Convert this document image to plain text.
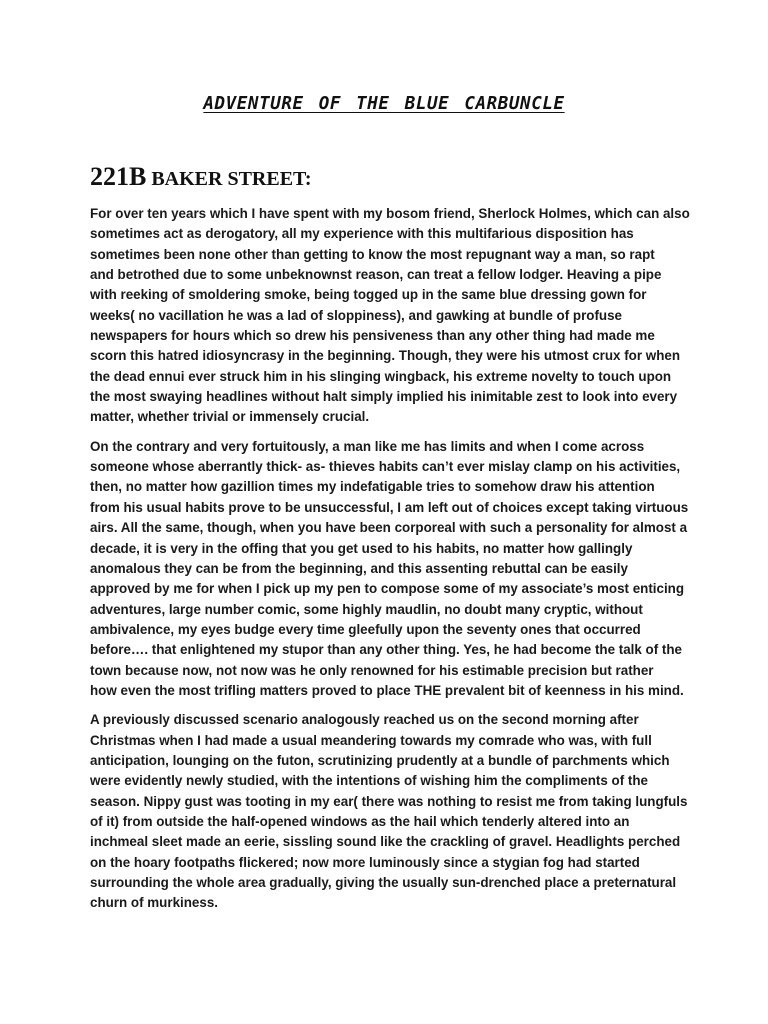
ADVENTURE OF THE BLUE CARBUNCLE
221B BAKER STREET:

For over ten years which I have spent with my bosom friend, Sherlock Holmes, which can also
sometimes act as derogatory, all my experience with this multifarious disposition has
sometimes been none other than getting to know the most repugnant way a man, so rapt
and betrothed due to some unbeknownst reason, can treat a fellow lodger. Heaving a pipe
with reeking of smoldering smoke, being togged up in the same blue dressing gown for
weeks( no vacillation he was a lad of sloppiness), and gawking at bundle of profuse
newspapers for hours which so drew his pensiveness than any other thing had made me
scorn this hatred idiosyncrasy in the beginning. Though, they were his utmost crux for when
the dead ennui ever struck him in his slinging wingback, his extreme novelty to touch upon
the most swaying headlines without halt simply implied his inimitable zest to look into every
matter, whether trivial or immensely crucial.

On the contrary and very fortuitously, a man like me has limits and when I come across
someone whose aberrantly thick- as- thieves habits can’t ever mislay clamp on his activities,
then, no matter how gazillion times my indefatigable tries to somehow draw his attention
from his usual habits prove to be unsuccessful, I am left out of choices except taking virtuous
airs. All the same, though, when you have been corporeal with such a personality for almost a
decade, it is very in the offing that you get used to his habits, no matter how gallingly
anomalous they can be from the beginning, and this assenting rebuttal can be easily
approved by me for when I pick up my pen to compose some of my associate’s most enticing
adventures, large number comic, some highly maudlin, no doubt many cryptic, without
ambivalence, my eyes budge every time gleefully upon the seventy ones that occurred
before…. that enlightened my stupor than any other thing. Yes, he had become the talk of the
town because now, not now was he only renowned for his estimable precision but rather
how even the most trifling matters proved to place THE prevalent bit of keenness in his mind.

A previously discussed scenario analogously reached us on the second morning after
Christmas when I had made a usual meandering towards my comrade who was, with full
anticipation, lounging on the futon, scrutinizing prudently at a bundle of parchments which
were evidently newly studied, with the intentions of wishing him the compliments of the
season. Nippy gust was tooting in my ear( there was nothing to resist me from taking lungfuls
of it) from outside the half-opened windows as the hail which tenderly altered into an
inchmeal sleet made an eerie, sissling sound like the crackling of gravel. Headlights perched
on the hoary footpaths flickered; now more luminously since a stygian fog had started
surrounding the whole area gradually, giving the usually sun-drenched place a preternatural
churn of murkiness.
